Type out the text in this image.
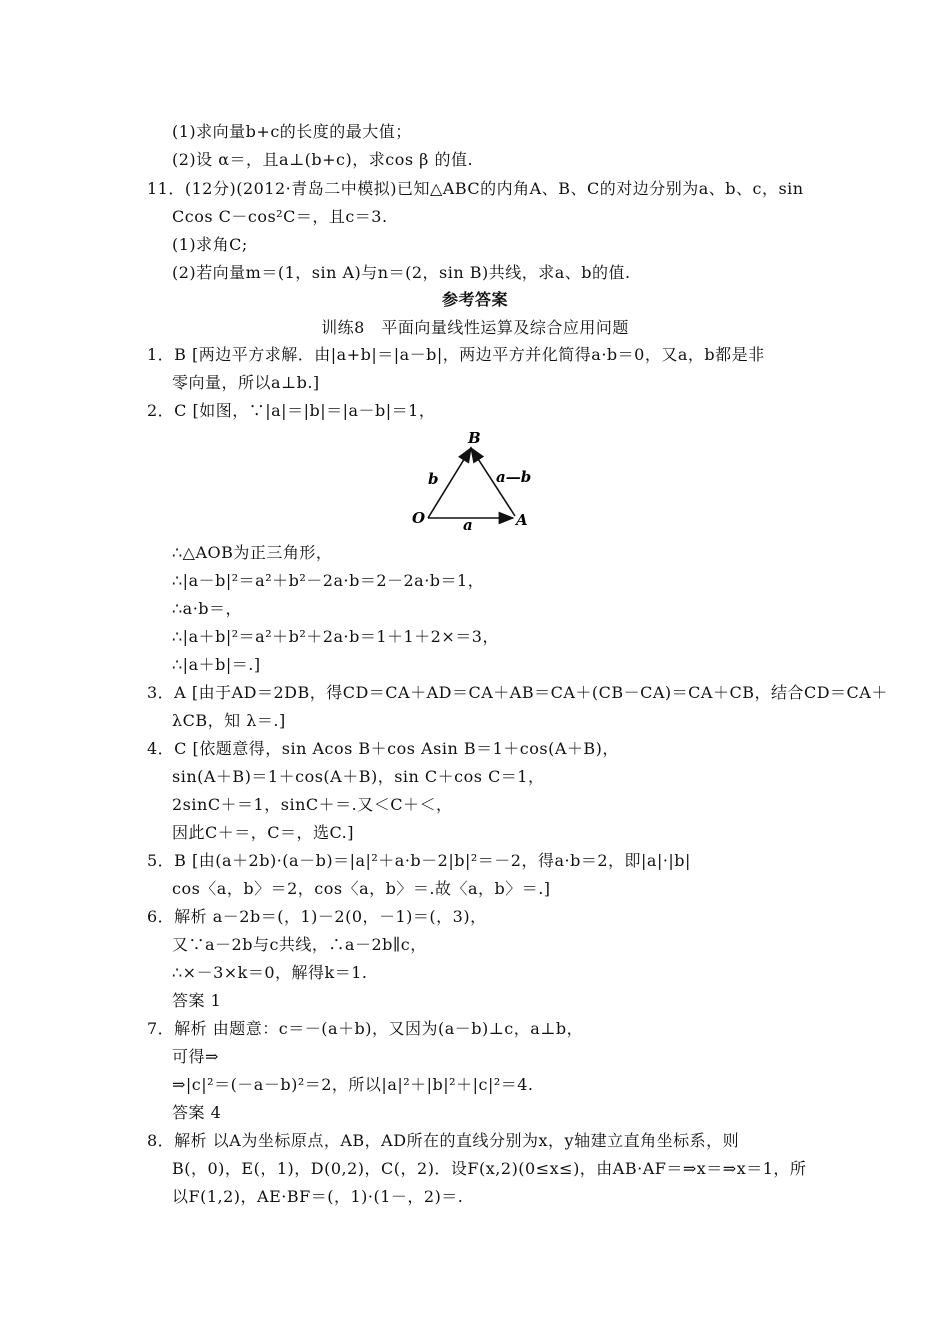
(1)求向量b+c的长度的最大值；
(2)设 α＝，且a⊥(b+c)，求cos β 的值.
11．(12分)(2012·青岛二中模拟)已知△ABC的内角A、B、C的对边分别为a、b、c，sin
Ccos C－cos²C＝，且c＝3.
(1)求角C;
(2)若向量m＝(1，sin A)与n＝(2，sin B)共线，求a、b的值.
参考答案
训练8　平面向量线性运算及综合应用问题
1．B [两边平方求解．由|a+b|＝|a－b|，两边平方并化简得a·b＝0，又a，b都是非
零向量，所以a⊥b.]
2．C [如图，∵|a|＝|b|＝|a－b|＝1，
∴△AOB为正三角形，
∴|a－b|²＝a²＋b²－2a·b＝2－2a·b＝1，
∴a·b＝，
∴|a＋b|²＝a²＋b²＋2a·b＝1＋1＋2×＝3，
∴|a＋b|＝.]
3．A [由于AD＝2DB，得CD＝CA＋AD＝CA＋AB＝CA＋(CB－CA)＝CA＋CB，结合CD＝CA＋
λCB，知 λ＝.]
4．C [依题意得，sin Acos B＋cos Asin B＝1＋cos(A＋B)，
sin(A＋B)＝1＋cos(A＋B)，sin C＋cos C＝1，
2sinC＋＝1，sinC＋＝.又＜C＋＜，
因此C＋＝，C＝，选C.]
5．B [由(a＋2b)·(a－b)＝|a|²＋a·b－2|b|²＝－2，得a·b＝2，即|a|·|b|
cos〈a，b〉＝2，cos〈a，b〉＝.故〈a，b〉＝.]
6．解析 a－2b＝(，1)－2(0，－1)＝(，3)，
又∵a－2b与c共线，∴a－2b∥c，
∴×－3×k＝0，解得k＝1.
答案 1
7．解析 由题意：c＝－(a＋b)，又因为(a－b)⊥c，a⊥b，
可得⇒
⇒|c|²＝(－a－b)²＝2，所以|a|²＋|b|²＋|c|²＝4.
答案 4
8．解析 以A为坐标原点，AB，AD所在的直线分别为x，y轴建立直角坐标系，则
B(，0)，E(，1)，D(0,2)，C(，2)．设F(x,2)(0≤x≤)，由AB·AF＝⇒x＝⇒x＝1，所
以F(1,2)，AE·BF＝(，1)·(1－，2)＝.
B
O	A
b
a
a—b
